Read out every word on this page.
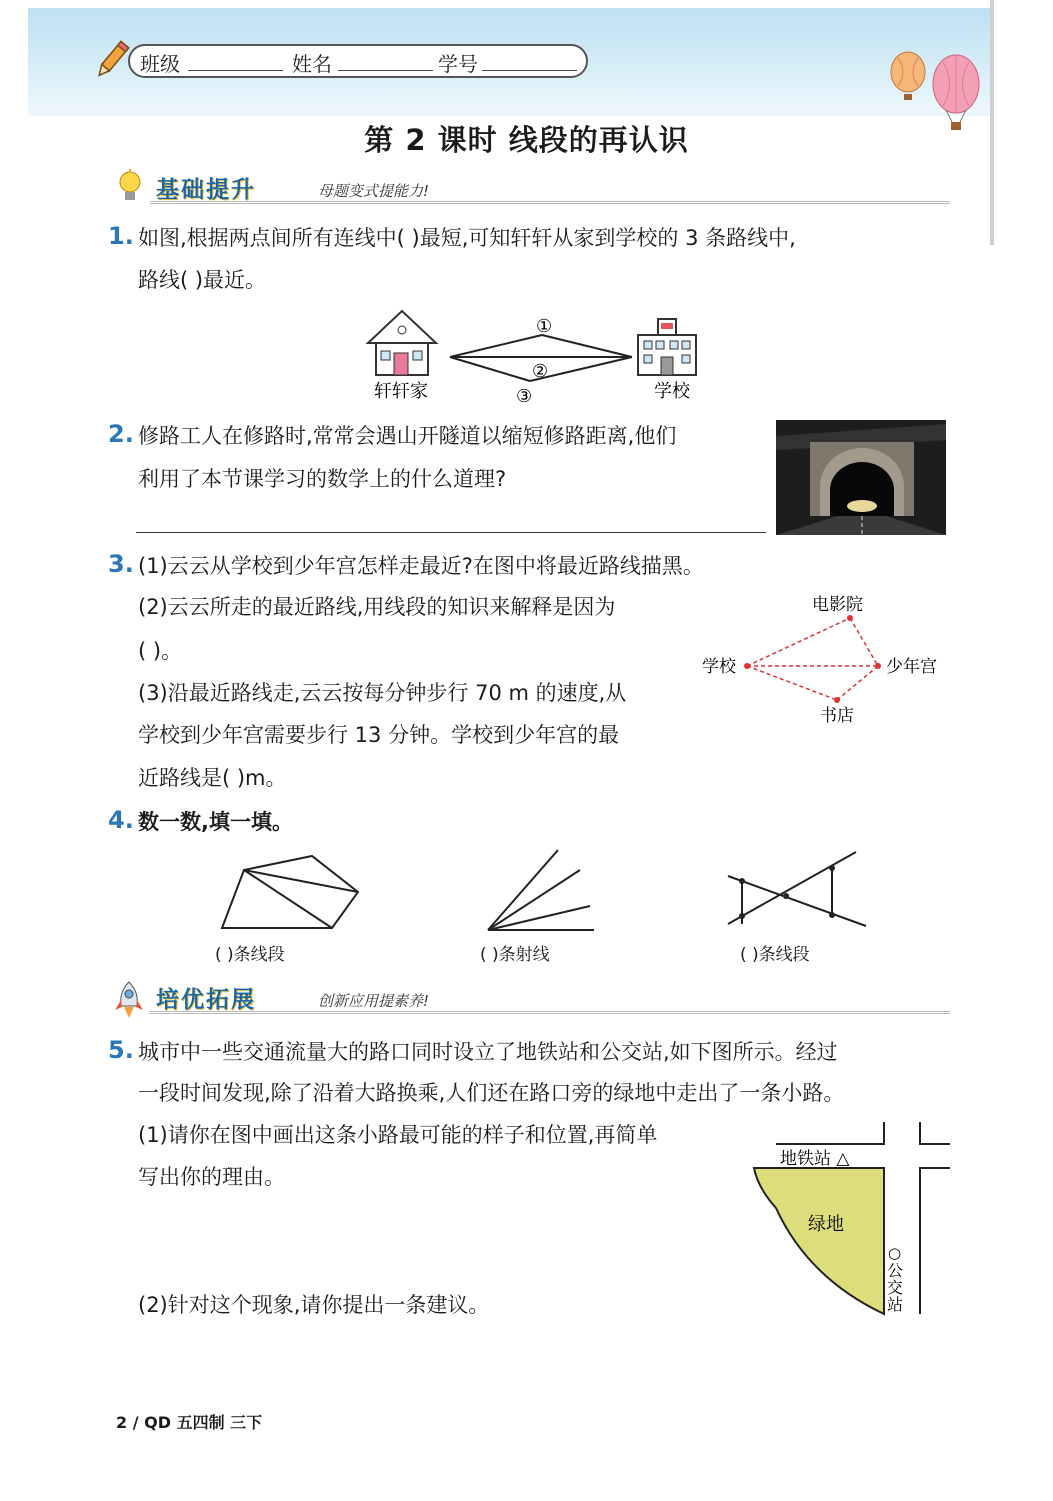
班级	姓名	学号
第 2 课时 线段的再认识
基础提升	母题变式提能力!
1. 如图,根据两点间所有连线中( )最短,可知轩轩从家到学校的 3 条路线中,
路线( )最近。
①
②
③
轩轩家	学校
2. 修路工人在修路时,常常会遇山开隧道以缩短修路距离,他们
利用了本节课学习的数学上的什么道理?
3. (1)云云从学校到少年宫怎样走最近?在图中将最近路线描黑。
(2)云云所走的最近路线,用线段的知识来解释是因为
( )。
(3)沿最近路线走,云云按每分钟步行 70 m 的速度,从
学校到少年宫需要步行 13 分钟。学校到少年宫的最
近路线是( )m。
电影院
学校	少年宫
书店
4. 数一数,填一填。
( )条线段	( )条射线	( )条线段
培优拓展	创新应用提素养!
5. 城市中一些交通流量大的路口同时设立了地铁站和公交站,如下图所示。经过
一段时间发现,除了沿着大路换乘,人们还在路口旁的绿地中走出了一条小路。
(1)请你在图中画出这条小路最可能的样子和位置,再简单
写出你的理由。
(2)针对这个现象,请你提出一条建议。
地铁站 △
绿地
○
公
交
站
2 / QD 五四制 三下
